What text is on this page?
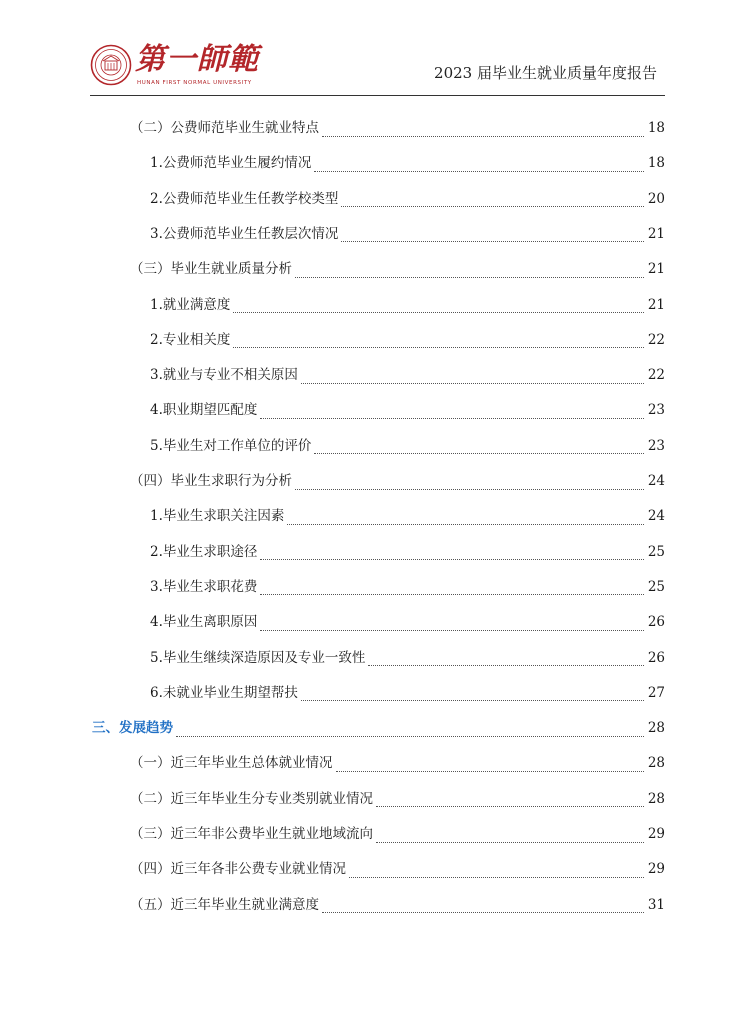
第一師範
HUNAN FIRST NORMAL UNIVERSITY
2023 届毕业生就业质量年度报告
（二）公费师范毕业生就业特点	18
1.公费师范毕业生履约情况	18
2.公费师范毕业生任教学校类型	20
3.公费师范毕业生任教层次情况	21
（三）毕业生就业质量分析	21
1.就业满意度	21
2.专业相关度	22
3.就业与专业不相关原因	22
4.职业期望匹配度	23
5.毕业生对工作单位的评价	23
（四）毕业生求职行为分析	24
1.毕业生求职关注因素	24
2.毕业生求职途径	25
3.毕业生求职花费	25
4.毕业生离职原因	26
5.毕业生继续深造原因及专业一致性	26
6.未就业毕业生期望帮扶	27
三、发展趋势	28
（一）近三年毕业生总体就业情况	28
（二）近三年毕业生分专业类别就业情况	28
（三）近三年非公费毕业生就业地域流向	29
（四）近三年各非公费专业就业情况	29
（五）近三年毕业生就业满意度	31
